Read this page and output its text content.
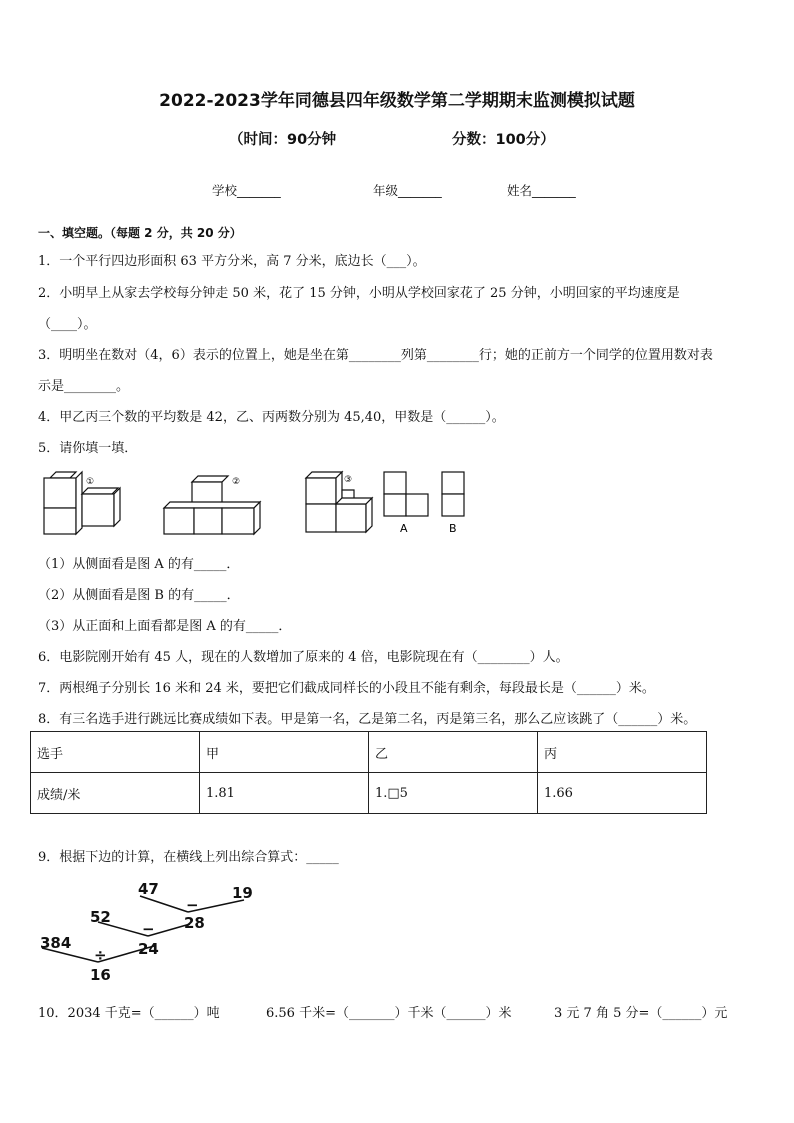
2022-2023学年同德县四年级数学第二学期期末监测模拟试题
（时间：90分钟	分数：100分）
学校_______	年级_______	姓名_______
一、填空题。（每题 2 分，共 20 分）
1．一个平行四边形面积 63 平方分米，高 7 分米，底边长（___）。
2．小明早上从家去学校每分钟走 50 米，花了 15 分钟，小明从学校回家花了 25 分钟，小明回家的平均速度是
（____）。
3．明明坐在数对（4，6）表示的位置上，她是坐在第________列第________行；她的正前方一个同学的位置用数对表
示是________。
4．甲乙丙三个数的平均数是 42，乙、丙两数分别为 45,40，甲数是（______）。
5．请你填一填．
①	②	③
A	B
（1）从侧面看是图 A 的有_____．
（2）从侧面看是图 B 的有_____．
（3）从正面和上面看都是图 A 的有_____．
6．电影院刚开始有 45 人，现在的人数增加了原来的 4 倍，电影院现在有（________）人。
7．两根绳子分别长 16 米和 24 米，要把它们截成同样长的小段且不能有剩余，每段最长是（______）米。
8．有三名选手进行跳远比赛成绩如下表。甲是第一名，乙是第二名，丙是第三名，那么乙应该跳了（______）米。
选手	甲	乙	丙
成绩/米	1.81	1.□5	1.66
9．根据下边的计算，在横线上列出综合算式：_____
47
−
19
52
− 28
384
÷ 24
16
10．2034 千克=（______）吨	6.56 千米=（_______）千米（______）米	3 元 7 角 5 分=（______）元
